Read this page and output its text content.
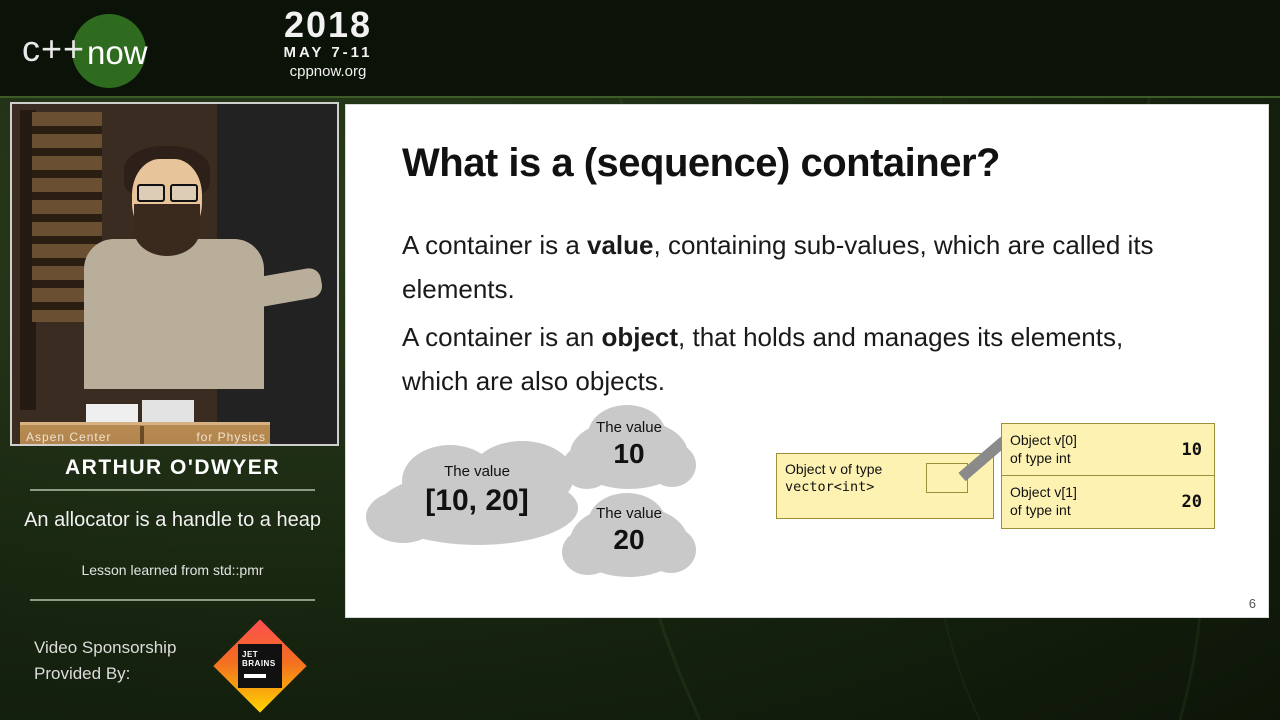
c++ now
2018
MAY 7-11
cppnow.org
Aspen Center	for Physics
ARTHUR O'DWYER
An allocator is a handle to a heap
Lesson learned from std::pmr
Video Sponsorship
Provided By:
JET
BRAINS
What is a (sequence) container?
A container is a value, containing sub-values, which are called its elements.
A container is an object, that holds and manages its elements, which are also objects.
The value
[10, 20]
The value
10
The value
20
Object v of type
vector<int>
Object v[0]
of type int	10
Object v[1]
of type int	20
6
